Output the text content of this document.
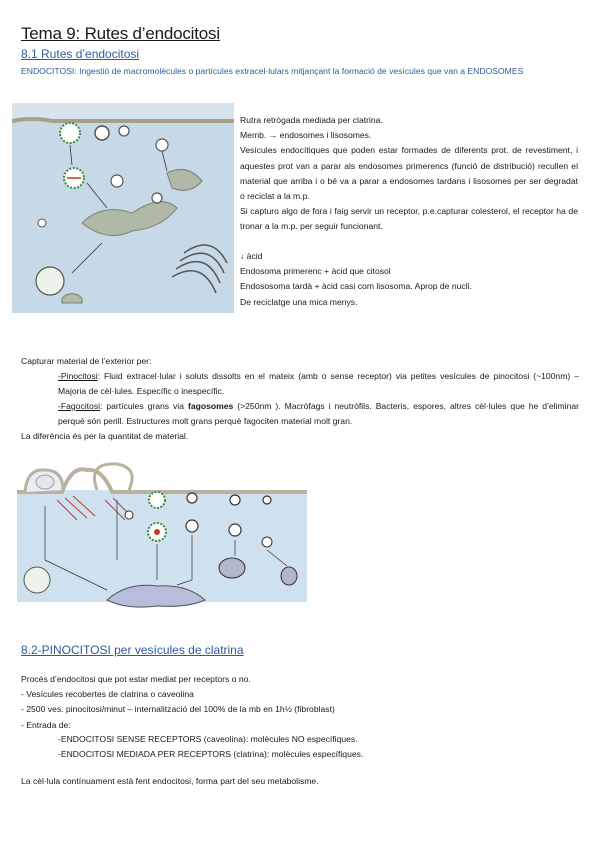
Tema 9: Rutes d’endocitosi
8.1 Rutes d’endocitosi
ENDOCITOSI: Ingestió de macromolècules o partícules extracel·lulars mitjançant la formació de vesícules que van a ENDOSOMES
Rutra retrògada mediada per clatrina.
Memb. → endosomes i lisosomes.
Vesícules endocítiques que poden estar formades de diferents prot. de revestiment, i aquestes prot van a parar als endosomes primerencs (funció de distribució) recullen el material que arriba i o bé va a parar a endosomes tardans i lisosomes per ser degradat o reciclat a la m.p.
Si capturo algo de fora i faig servir un receptor, p.e.capturar colesterol, el receptor ha de tronar a la m.p. per seguir funcionant.
↓ àcid
Endosoma primerenc + àcid que citosol
Endososoma tardà + àcid casi com lisosoma. Aprop de nucli.
De reciclatge una mica menys.
Capturar material de l’exterior per:
-Pinocitosi: Fluid extracel·lular i soluts dissolts en el mateix (amb o sense receptor) via petites vesícules de pinocitosi (~100nm) – Majoria de cèl·lules. Específic o inespecífic.
-Fagocitosi: partícules grans via fagosomes (>250nm ). Macròfags i neutròfils. Bacteris, espores, altres cèl·lules que he d’eliminar perquè són perill. Estructures molt grans perquè fagociten material molt gran.
La diferència és per la quantitat de material.
8.2-PINOCITOSI per vesícules de clatrina
Procés d’endocitosi que pot estar mediat per receptors o no.
- Vesícules recobertes de clatrina o caveolina
- 2500 ves. pinocitosi/minut – internalització del 100% de la mb en 1h½ (fibroblast)
- Entrada de:
-ENDOCITOSI SENSE RECEPTORS (caveolina): molècules NO específiques.
-ENDOCITOSI MEDIADA PER RECEPTORS (clatrina): molècules específiques.
La cèl·lula contínuament està fent endocitosi, forma part del seu metabolisme.
